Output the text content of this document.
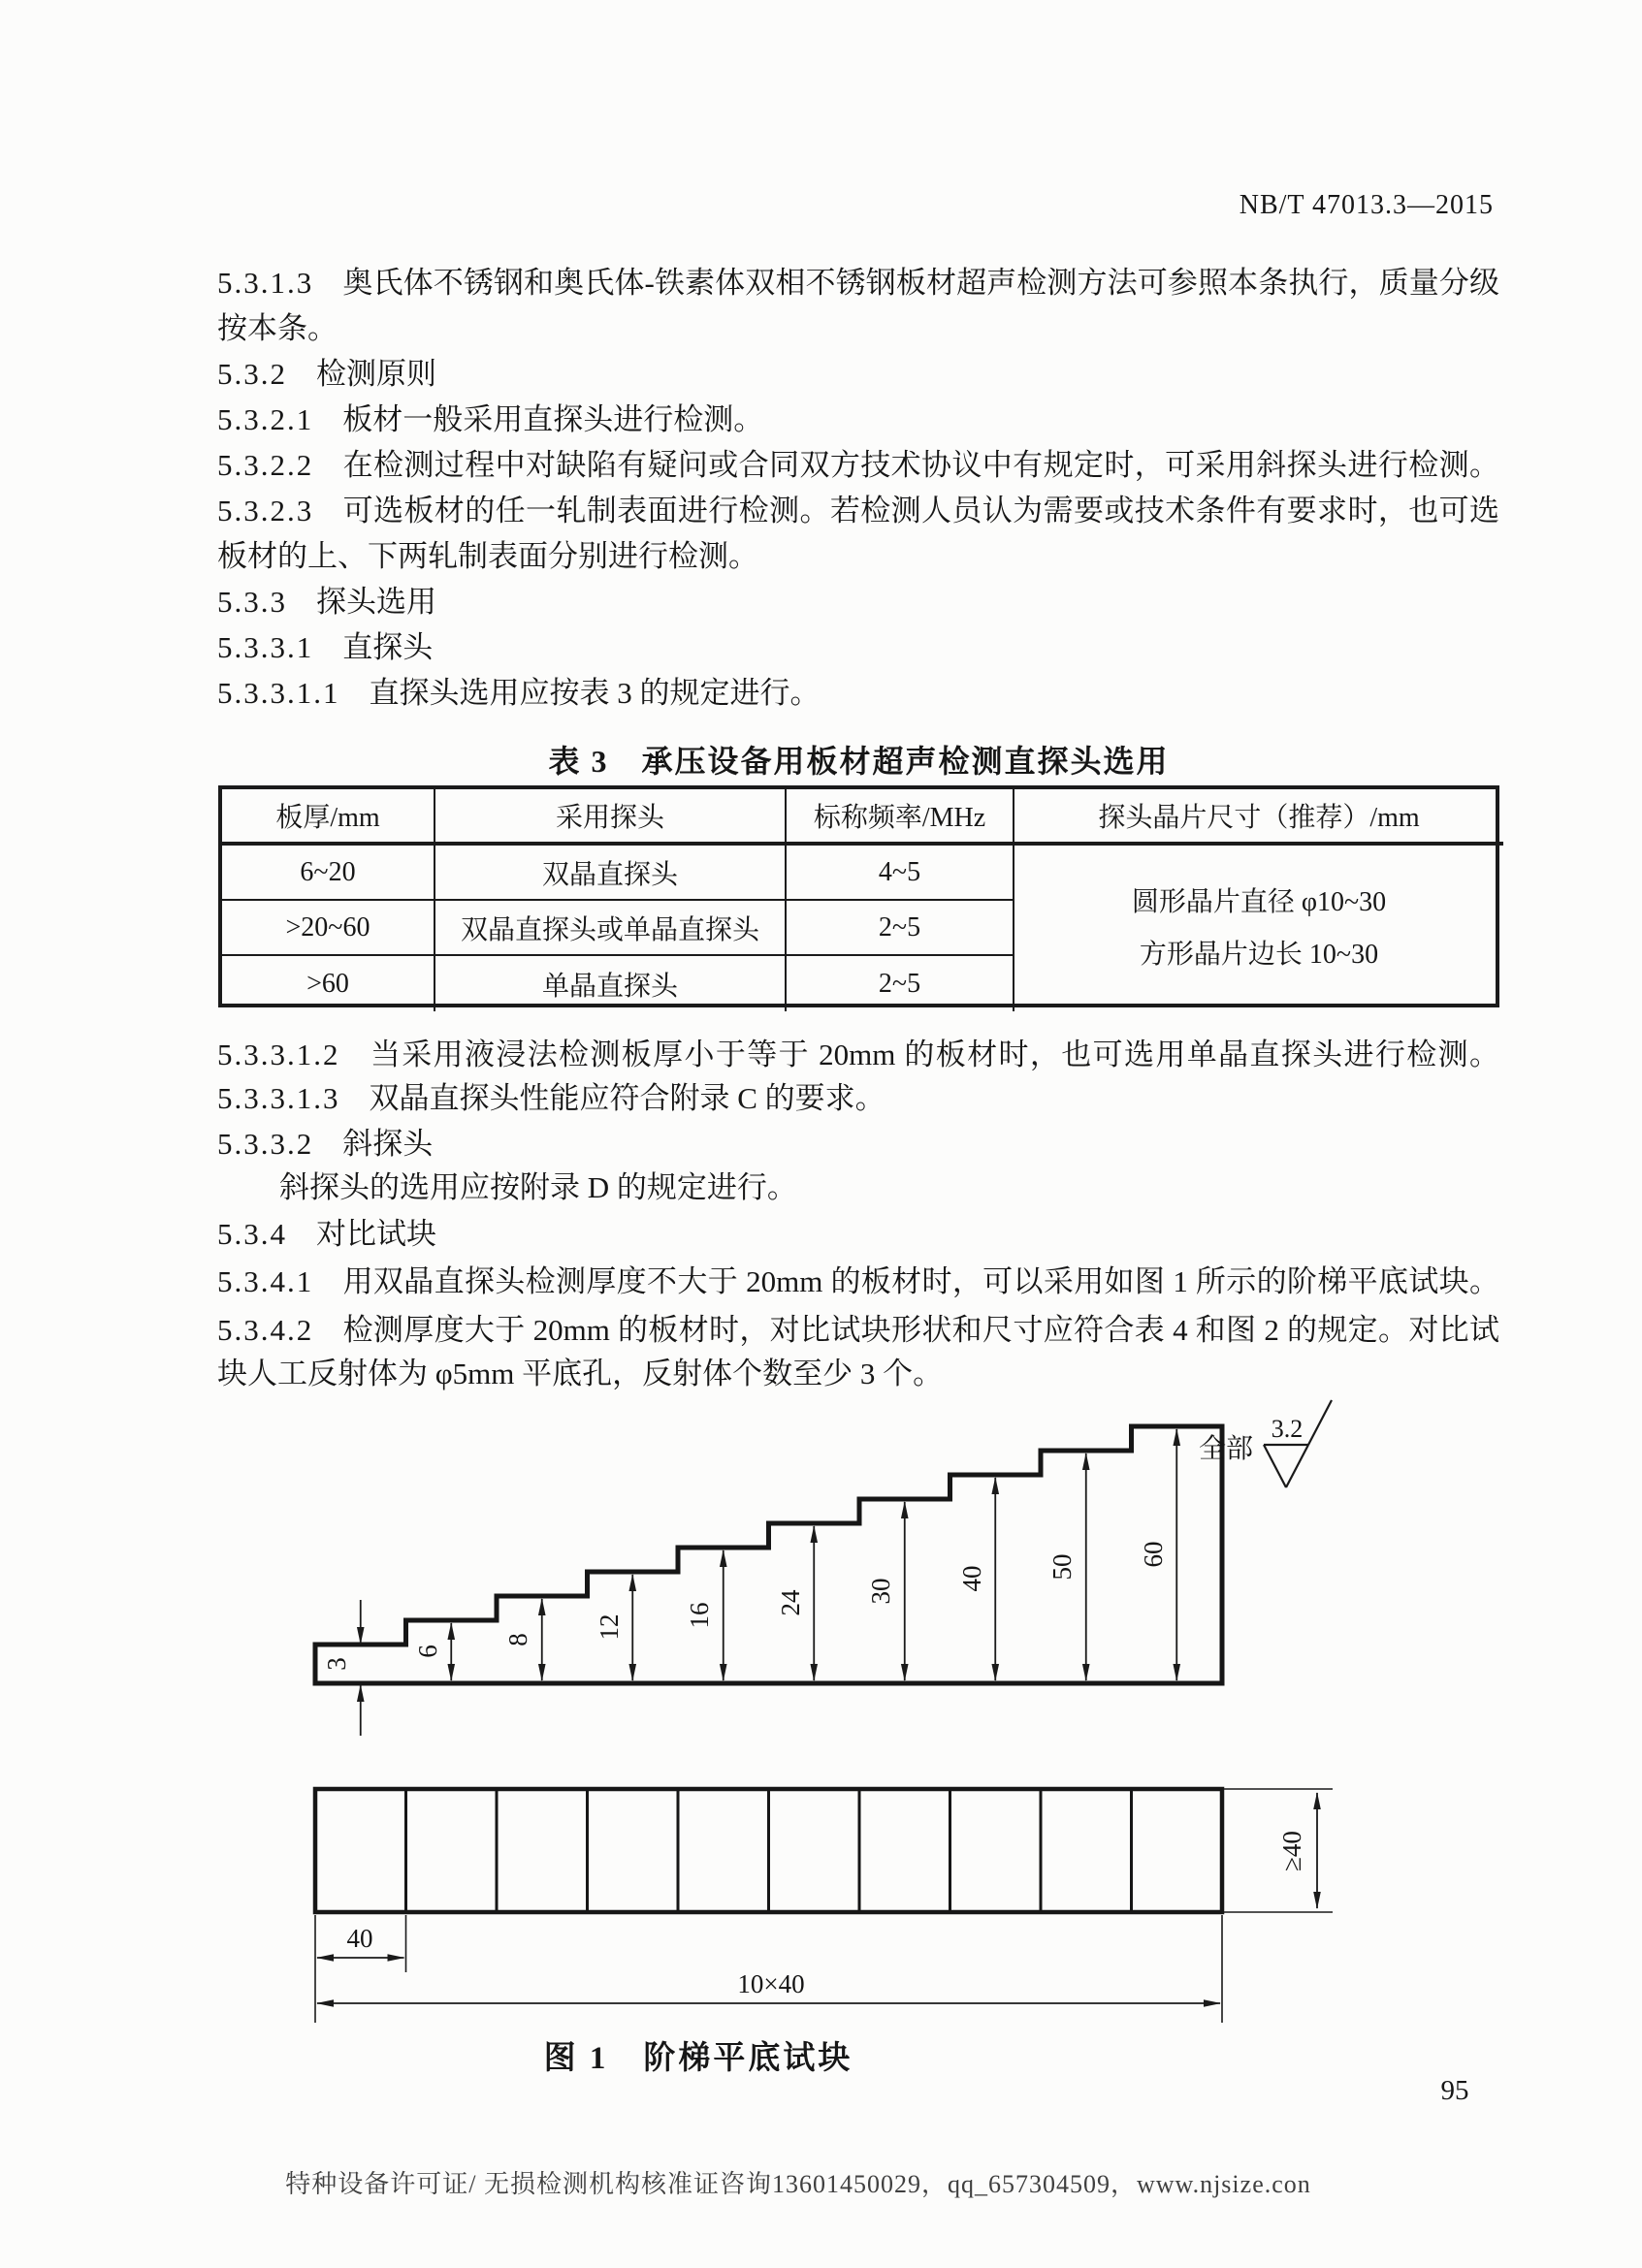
NB/T 47013.3—2015
5.3.1.3 奥氏体不锈钢和奥氏体-铁素体双相不锈钢板材超声检测方法可参照本条执行，质量分级
按本条。
5.3.2 检测原则
5.3.2.1 板材一般采用直探头进行检测。
5.3.2.2 在检测过程中对缺陷有疑问或合同双方技术协议中有规定时，可采用斜探头进行检测。
5.3.2.3 可选板材的任一轧制表面进行检测。若检测人员认为需要或技术条件有要求时，也可选
板材的上、下两轧制表面分别进行检测。
5.3.3 探头选用
5.3.3.1 直探头
5.3.3.1.1 直探头选用应按表 3 的规定进行。
表 3　承压设备用板材超声检测直探头选用
板厚/mm	采用探头	标称频率/MHz	探头晶片尺寸（推荐）/mm
6~20	双晶直探头	4~5
圆形晶片直径 φ10~30
方形晶片边长 10~30
>20~60	双晶直探头或单晶直探头	2~5
>60	单晶直探头	2~5
5.3.3.1.2 当采用液浸法检测板厚小于等于 20mm 的板材时，也可选用单晶直探头进行检测。
5.3.3.1.3 双晶直探头性能应符合附录 C 的要求。
5.3.3.2 斜探头
斜探头的选用应按附录 D 的规定进行。
5.3.4 对比试块
5.3.4.1 用双晶直探头检测厚度不大于 20mm 的板材时，可以采用如图 1 所示的阶梯平底试块。
5.3.4.2 检测厚度大于 20mm 的板材时，对比试块形状和尺寸应符合表 4 和图 2 的规定。对比试
块人工反射体为 φ5mm 平底孔，反射体个数至少 3 个。
3
6
8 12 16 24 30 40 50 60
全部
3.2
40
10×40
≥40
图 1　 阶梯平底试块
95
特种设备许可证/ 无损检测机构核准证咨询13601450029，qq_657304509，www.njsize.con
